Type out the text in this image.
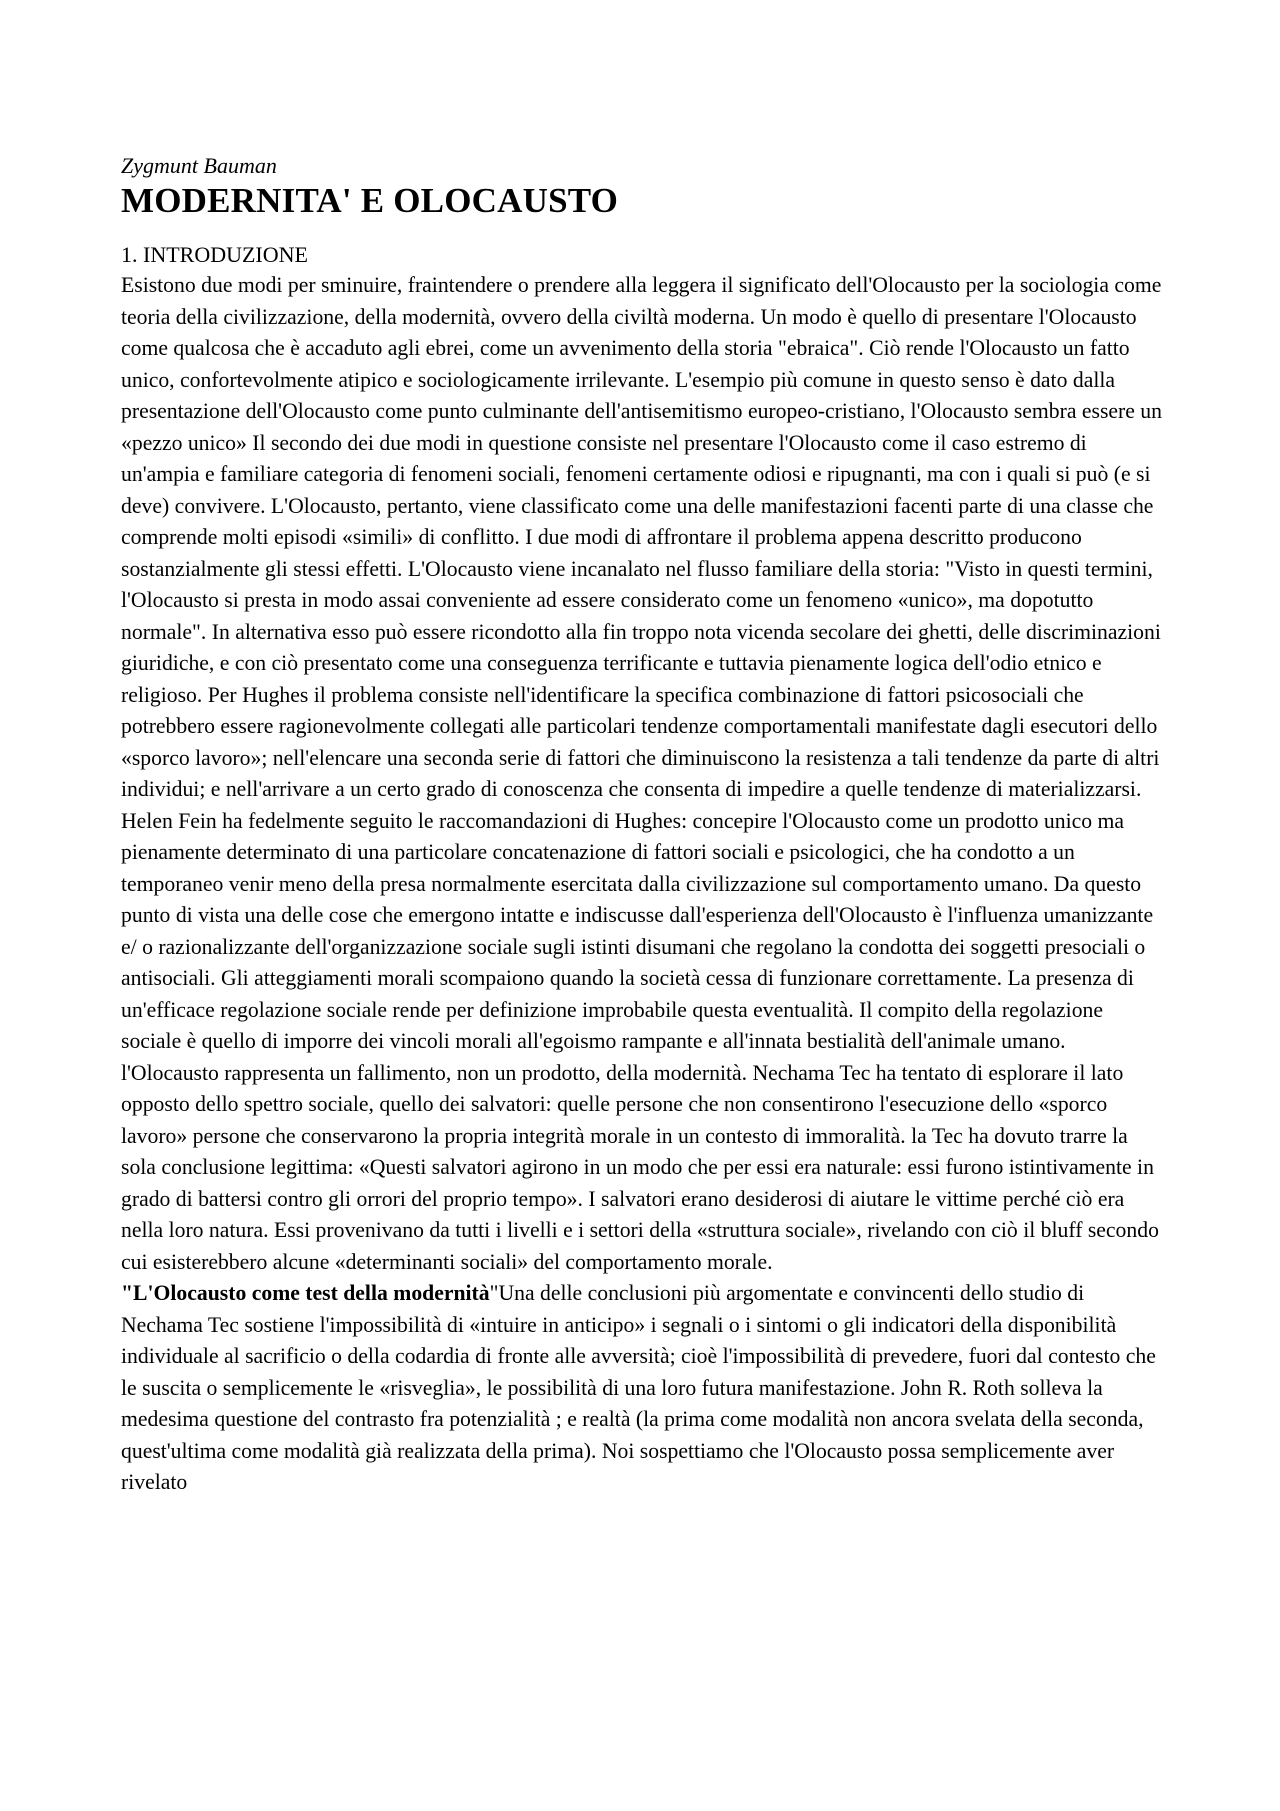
Zygmunt Bauman

MODERNITA' E OLOCAUSTO
1. INTRODUZIONE

Esistono due modi per sminuire, fraintendere o prendere alla leggera il significato dell'Olocausto per la sociologia come teoria della civilizzazione, della modernità, ovvero della civiltà moderna. Un modo è quello di presentare l'Olocausto come qualcosa che è accaduto agli ebrei, come un avvenimento della storia "ebraica". Ciò rende l'Olocausto un fatto unico, confortevolmente atipico e sociologicamente irrilevante. L'esempio più comune in questo senso è dato dalla presentazione dell'Olocausto come punto culminante dell'antisemitismo europeo-cristiano, l'Olocausto sembra essere un «pezzo unico» Il secondo dei due modi in questione consiste nel presentare l'Olocausto come il caso estremo di un'ampia e familiare categoria di fenomeni sociali, fenomeni certamente odiosi e ripugnanti, ma con i quali si può (e si deve) convivere. L'Olocausto, pertanto, viene classificato come una delle manifestazioni facenti parte di una classe che comprende molti episodi «simili» di conflitto. I due modi di affrontare il problema appena descritto producono sostanzialmente gli stessi effetti. L'Olocausto viene incanalato nel flusso familiare della storia: "Visto in questi termini, l'Olocausto si presta in modo assai conveniente ad essere considerato come un fenomeno «unico», ma dopotutto normale". In alternativa esso può essere ricondotto alla fin troppo nota vicenda secolare dei ghetti, delle discriminazioni giuridiche, e con ciò presentato come una conseguenza terrificante e tuttavia pienamente logica dell'odio etnico e religioso. Per Hughes il problema consiste nell'identificare la specifica combinazione di fattori psicosociali che potrebbero essere ragionevolmente collegati alle particolari tendenze comportamentali manifestate dagli esecutori dello «sporco lavoro»; nell'elencare una seconda serie di fattori che diminuiscono la resistenza a tali tendenze da parte di altri individui; e nell'arrivare a un certo grado di conoscenza che consenta di impedire a quelle tendenze di materializzarsi. Helen Fein ha fedelmente seguito le raccomandazioni di Hughes: concepire l'Olocausto come un prodotto unico ma pienamente determinato di una particolare concatenazione di fattori sociali e psicologici, che ha condotto a un temporaneo venir meno della presa normalmente esercitata dalla civilizzazione sul comportamento umano. Da questo punto di vista una delle cose che emergono intatte e indiscusse dall'esperienza dell'Olocausto è l'influenza umanizzante e/ o razionalizzante dell'organizzazione sociale sugli istinti disumani che regolano la condotta dei soggetti presociali o antisociali. Gli atteggiamenti morali scompaiono quando la società cessa di funzionare correttamente. La presenza di un'efficace regolazione sociale rende per definizione improbabile questa eventualità. Il compito della regolazione sociale è quello di imporre dei vincoli morali all'egoismo rampante e all'innata bestialità dell'animale umano. l'Olocausto rappresenta un fallimento, non un prodotto, della modernità. Nechama Tec ha tentato di esplorare il lato opposto dello spettro sociale, quello dei salvatori: quelle persone che non consentirono l'esecuzione dello «sporco lavoro» persone che conservarono la propria integrità morale in un contesto di immoralità. la Tec ha dovuto trarre la sola conclusione legittima: «Questi salvatori agirono in un modo che per essi era naturale: essi furono istintivamente in grado di battersi contro gli orrori del proprio tempo». I salvatori erano desiderosi di aiutare le vittime perché ciò era nella loro natura. Essi provenivano da tutti i livelli e i settori della «struttura sociale», rivelando con ciò il bluff secondo cui esisterebbero alcune «determinanti sociali» del comportamento morale.

"L'Olocausto come test della modernità"Una delle conclusioni più argomentate e convincenti dello studio di Nechama Tec sostiene l'impossibilità di «intuire in anticipo» i segnali o i sintomi o gli indicatori della disponibilità individuale al sacrificio o della codardia di fronte alle avversità; cioè l'impossibilità di prevedere, fuori dal contesto che le suscita o semplicemente le «risveglia», le possibilità di una loro futura manifestazione. John R. Roth solleva la medesima questione del contrasto fra potenzialità ; e realtà (la prima come modalità non ancora svelata della seconda, quest'ultima come modalità già realizzata della prima). Noi sospettiamo che l'Olocausto possa semplicemente aver rivelato
